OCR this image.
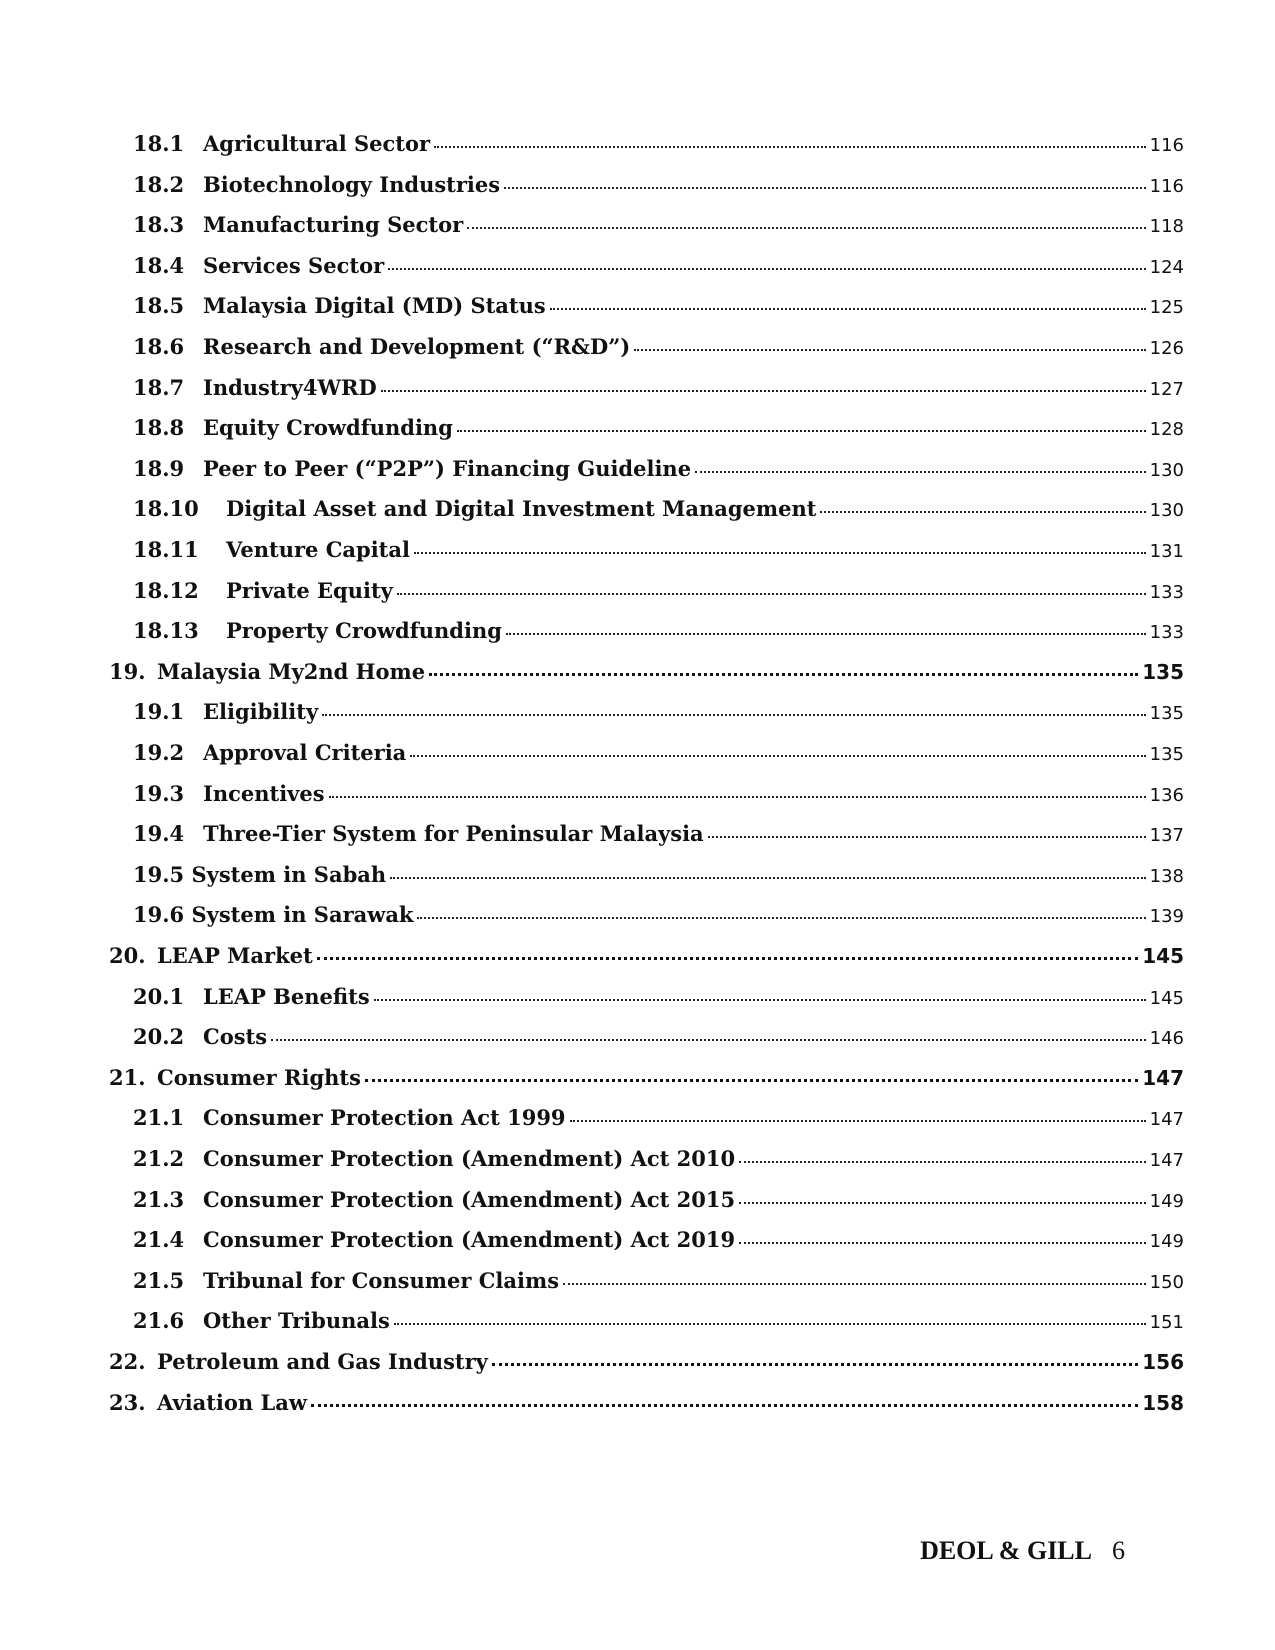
18.1 Agricultural Sector	116
18.2 Biotechnology Industries	116
18.3 Manufacturing Sector	118
18.4 Services Sector	124
18.5 Malaysia Digital (MD) Status	125
18.6 Research and Development (“R&D”)	126
18.7 Industry4WRD	127
18.8 Equity Crowdfunding	128
18.9 Peer to Peer (“P2P”) Financing Guideline	130
18.10	Digital Asset and Digital Investment Management	130
18.11	Venture Capital	131
18.12	Private Equity	133
18.13	Property Crowdfunding	133
19. Malaysia My2nd Home	135
19.1 Eligibility	135
19.2 Approval Criteria	135
19.3 Incentives	136
19.4 Three-Tier System for Peninsular Malaysia	137
19.5 System in Sabah	138
19.6 System in Sarawak	139
20. LEAP Market	145
20.1 LEAP Benefits	145
20.2 Costs	146
21. Consumer Rights	147
21.1 Consumer Protection Act 1999	147
21.2 Consumer Protection (Amendment) Act 2010	147
21.3 Consumer Protection (Amendment) Act 2015	149
21.4 Consumer Protection (Amendment) Act 2019	149
21.5 Tribunal for Consumer Claims	150
21.6 Other Tribunals	151
22. Petroleum and Gas Industry	156
23. Aviation Law	158
DEOL & GILL 6
